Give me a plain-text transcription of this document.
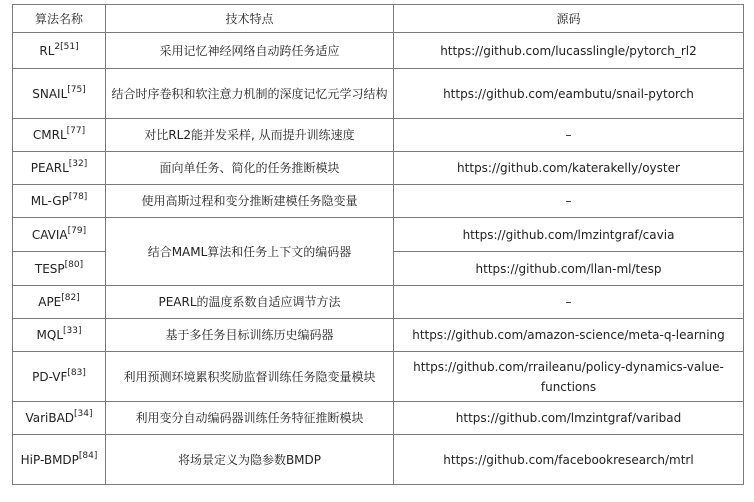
算法名称	技术特点	源码
$RL^{2[51]}$	采用记忆神经网络自动跨任务适应	https://github.com/lucasslingle/pytorch_rl2
SNAIL[75]	结合时序卷积和软注意力机制的深度记忆元学习结构	https://github.com/eambutu/snail-pytorch
CMRL[77]	对比RL2能并发采样, 从而提升训练速度	–
PEARL[32]	面向单任务、简化的任务推断模块	https://github.com/katerakelly/oyster
ML-GP[78]	使用高斯过程和变分推断建模任务隐变量	–
CAVIA[79]	结合MAML算法和任务上下文的编码器	https://github.com/lmzintgraf/cavia
TESP[80]		https://github.com/llan-ml/tesp
APE[82]	PEARL的温度系数自适应调节方法	–
MQL[33]	基于多任务目标训练历史编码器	https://github.com/amazon-science/meta-q-learning
PD-VF[83]	利用预测环境累积奖励监督训练任务隐变量模块	https://github.com/rraileanu/policy-dynamics-value-functions
VariBAD[34]	利用变分自动编码器训练任务特征推断模块	https://github.com/lmzintgraf/varibad
HiP-BMDP[84]	将场景定义为隐参数BMDP	https://github.com/facebookresearch/mtrl
